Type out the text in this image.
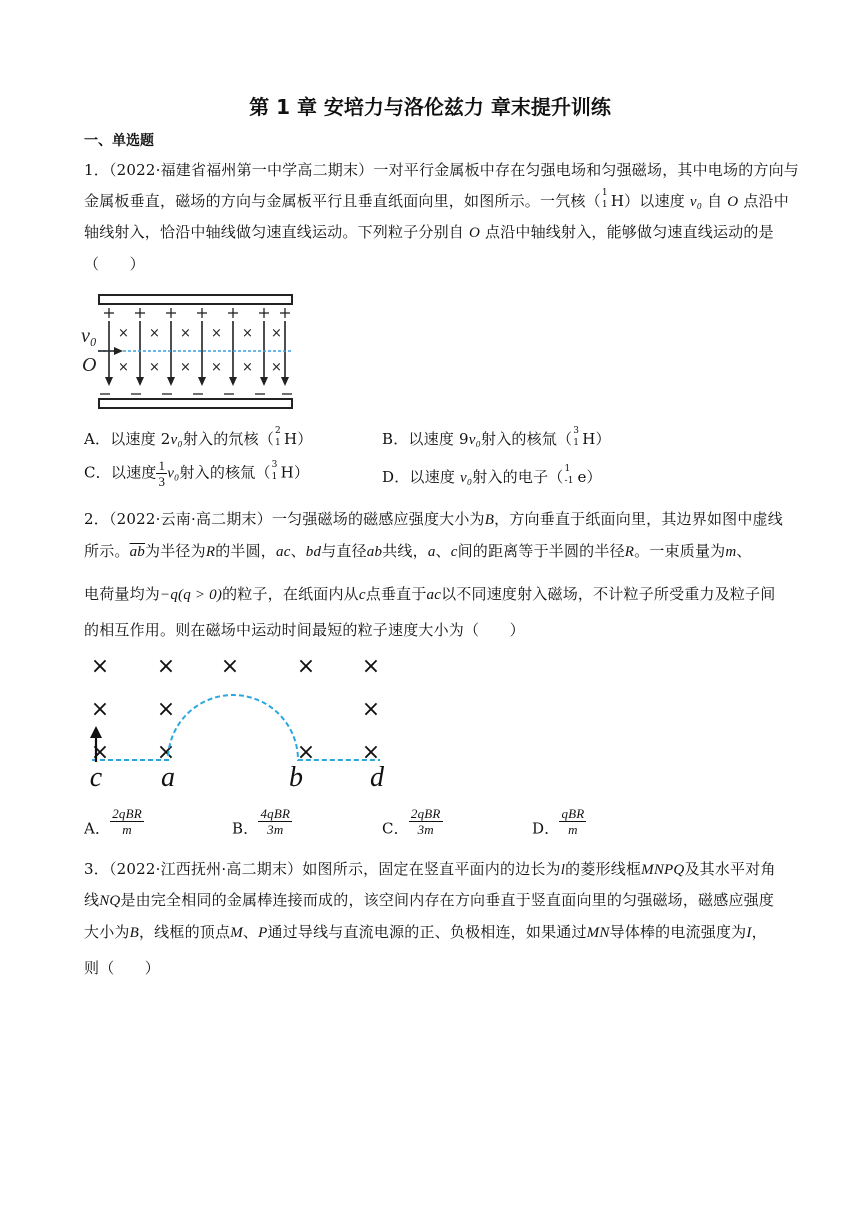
第 1 章 安培力与洛伦兹力 章末提升训练
一、单选题
1．（2022·福建省福州第一中学高二期末）一对平行金属板中存在匀强电场和匀强磁场，其中电场的方向与
金属板垂直，磁场的方向与金属板平行且垂直纸面向里，如图所示。一氕核（ 1
1 H）以速度 v₀ 自 O 点沿中
轴线射入，恰沿中轴线做匀速直线运动。下列粒子分别自 O 点沿中轴线射入，能够做匀速直线运动的是
（　　）
× × × × × ×
× × × × × ×
v₀
O
A．以速度 2v₀射入的氘核（ 2
1 H）	B．以速度 9v₀射入的核氚（ 3
1 H）
C．以速度 $\frac{1}{3} v_0$射入的核氚（ 3
1 H）	D．以速度 v₀射入的电子（ 1
-1 e）
2．（2022·云南·高二期末）一匀强磁场的磁感应强度大小为B，方向垂直于纸面向里，其边界如图中虚线
所示。$\overline{ab}$为半径为R的半圆，ac、bd与直径ab共线，a、c间的距离等于半圆的半径R。一束质量为m、
电荷量均为−q(q > 0)的粒子，在纸面内从c点垂直于ac以不同速度射入磁场，不计粒子所受重力及粒子间
的相互作用。则在磁场中运动时间最短的粒子速度大小为（　　）
× × ×	× ×
× ×	×
× ×	× ×
c a	b d
A． $\frac{\text{2qBR}}{m}$	B． $\frac{\text{4qBR}}{3m}$	C． $\frac{\text{2qBR}}{3m}$	D． $\frac{\text{qBR}}{m}$
3．（2022·江西抚州·高二期末）如图所示，固定在竖直平面内的边长为l的菱形线框MNPQ及其水平对角
线NQ是由完全相同的金属棒连接而成的，该空间内存在方向垂直于竖直面向里的匀强磁场，磁感应强度
大小为B，线框的顶点M、P通过导线与直流电源的正、负极相连，如果通过MN导体棒的电流强度为I，
则（　　）
